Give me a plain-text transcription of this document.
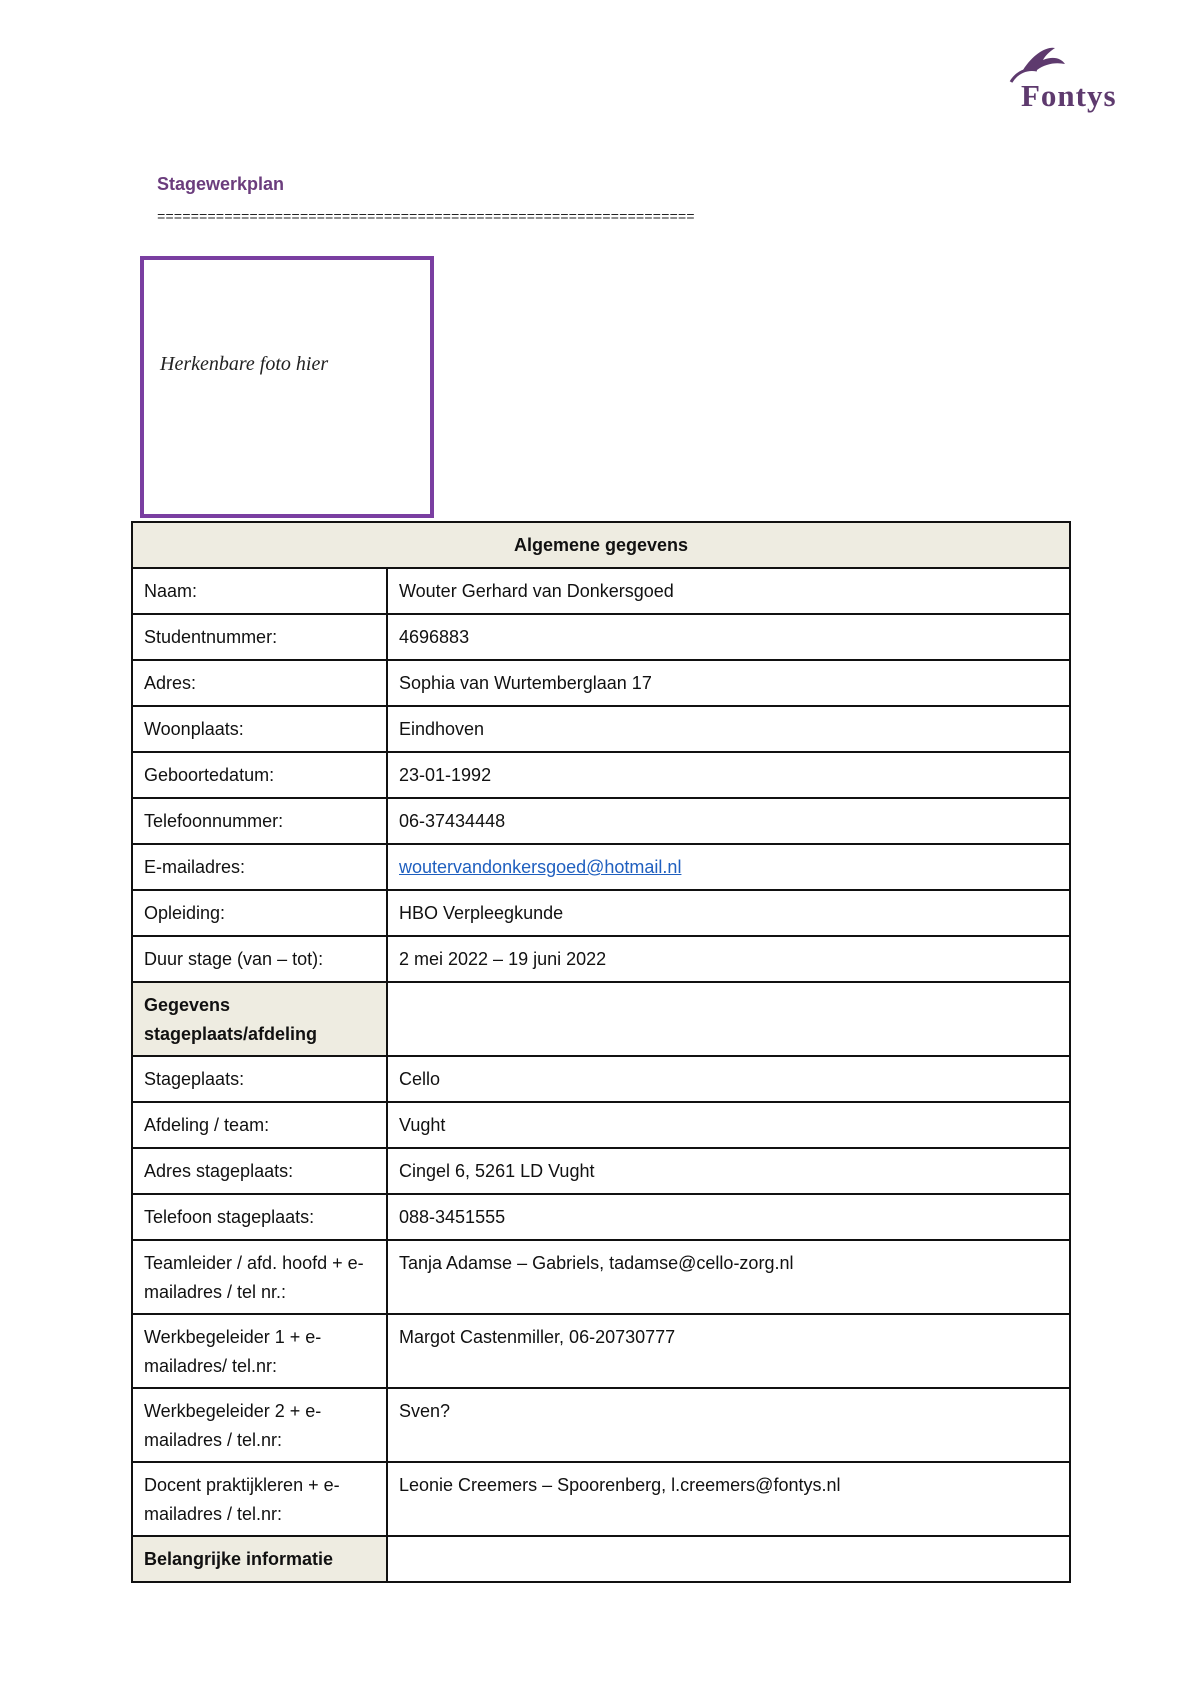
Fontys
Stagewerkplan
================================================================
Herkenbare foto hier
Algemene gegevens	
Naam:	Wouter Gerhard van Donkersgoed
Studentnummer:	4696883
Adres:	Sophia van Wurtemberglaan 17
Woonplaats:	Eindhoven
Geboortedatum:	23-01-1992
Telefoonnummer:	06-37434448
E-mailadres:	woutervandonkersgoed@hotmail.nl
Opleiding:	HBO Verpleegkunde
Duur stage (van – tot):	2 mei 2022 – 19 juni 2022
Gegevens stageplaats/afdeling	
Stageplaats:	Cello
Afdeling / team:	Vught
Adres stageplaats:	Cingel 6, 5261 LD Vught
Telefoon stageplaats:	088-3451555
Teamleider / afd. hoofd + e-mailadres / tel nr.:	Tanja Adamse – Gabriels, tadamse@cello-zorg.nl
Werkbegeleider 1 + e-mailadres/ tel.nr:	Margot Castenmiller, 06-20730777
Werkbegeleider 2 + e-mailadres / tel.nr:	Sven?
Docent praktijkleren + e-mailadres / tel.nr:	Leonie Creemers – Spoorenberg, l.creemers@fontys.nl
Belangrijke informatie	
